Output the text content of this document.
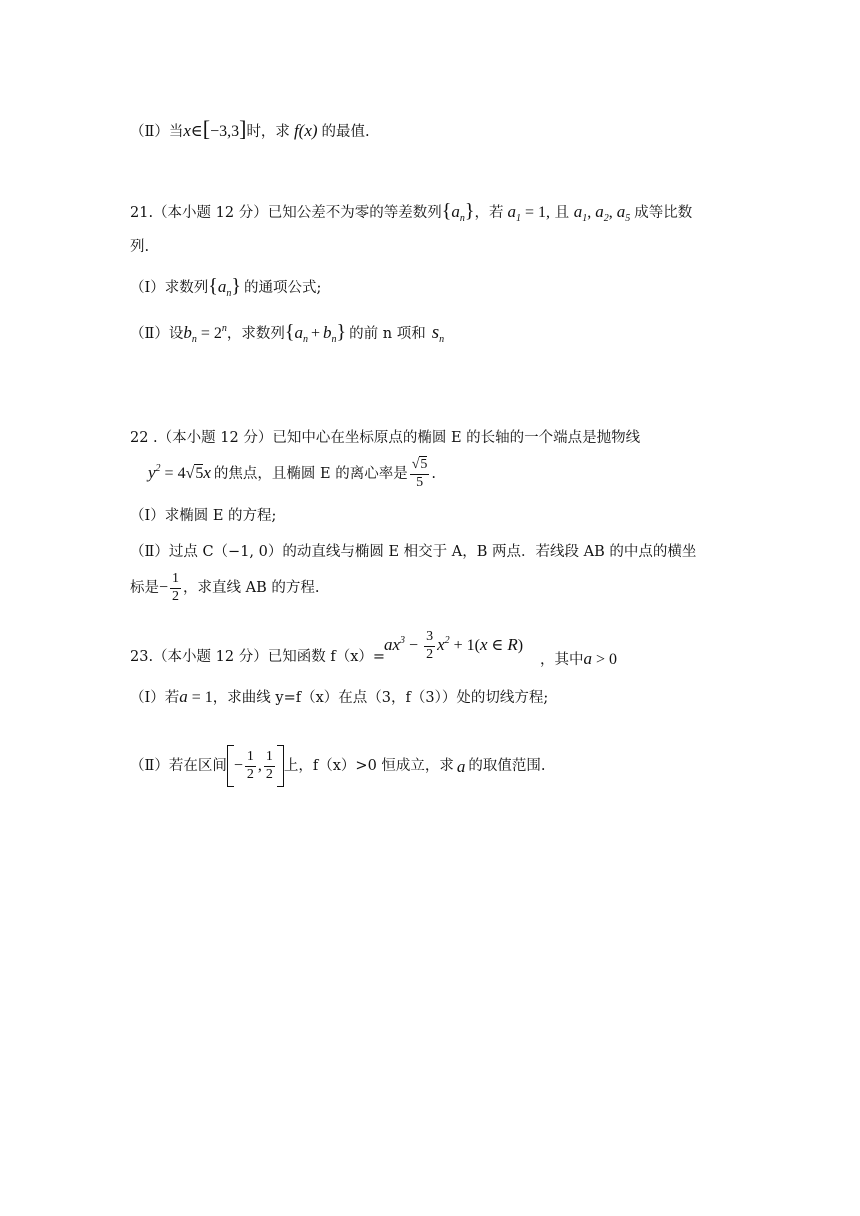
（Ⅱ）当x∈[−3,3]时，求 f(x) 的最值.
21.（本小题 12 分）已知公差不为零的等差数列$\{a_n\}$，若 $a_1 = 1$, 且 $a_1$, $a_2$, $a_5$ 成等比数
列.
（Ⅰ）求数列$\{a_n\}$ 的通项公式;
（Ⅱ）设$b_n = 2^n$，求数列$\{a_n + b_n\}$ 的前 n 项和 $s_n$
22 .（本小题 12 分）已知中心在坐标原点的椭圆 E 的长轴的一个端点是抛物线
$y^2 = 4√5x$ 的焦点，且椭圆 E 的离心率是 $\frac{√5}{5}$ .
（Ⅰ）求椭圆 E 的方程;
（Ⅱ）过点 C（−1, 0）的动直线与椭圆 E 相交于 A，B 两点．若线段 AB 的中点的横坐
标是− $\frac{1}{2}$ ，求直线 AB 的方程.
23.（本小题 12 分）已知函数 f（x）=
$ax^3 - \frac{3}{2} x^2 + 1(x$ ∈ R)
，其中a > 0
（Ⅰ）若a = 1，求曲线 y=f（x）在点（3，f（3））处的切线方程;
（Ⅱ）若在区间 − $\frac{1}{2}$ , $\frac{1}{2}$ 上，f（x）>0 恒成立，求 a 的取值范围.
